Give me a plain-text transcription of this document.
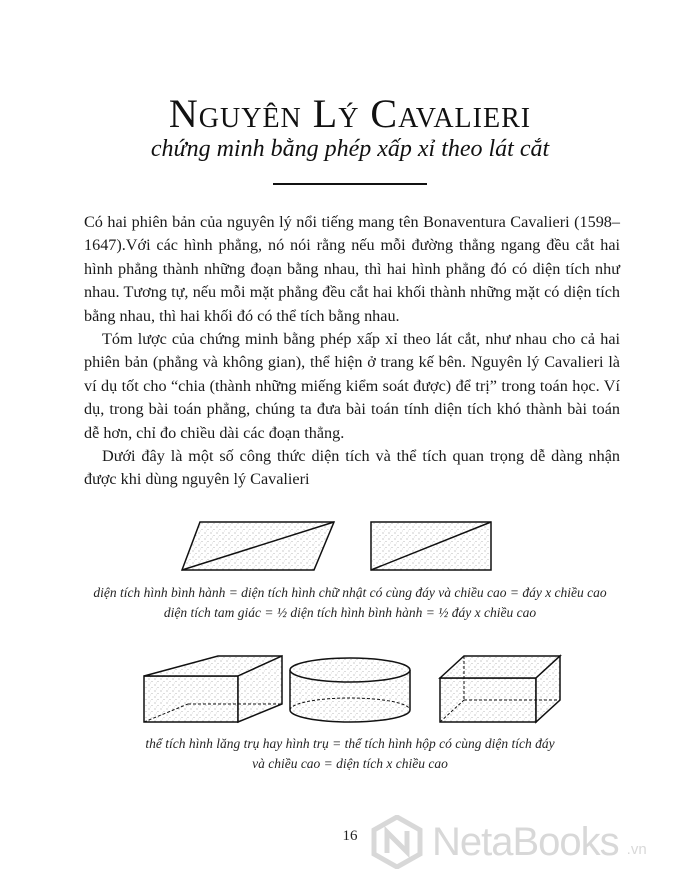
Nguyên Lý Cavalieri
chứng minh bằng phép xấp xỉ theo lát cắt

Có hai phiên bản của nguyên lý nổi tiếng mang tên Bonaventura Cavalieri (1598–1647).Với các hình phẳng, nó nói rằng nếu mỗi đường thẳng ngang đều cắt hai hình phẳng thành những đoạn bằng nhau, thì hai hình phẳng đó có diện tích như nhau. Tương tự, nếu mỗi mặt phẳng đều cắt hai khối thành những mặt có diện tích bằng nhau, thì hai khối đó có thể tích bằng nhau.

Tóm lược của chứng minh bằng phép xấp xỉ theo lát cắt, như nhau cho cả hai phiên bản (phẳng và không gian), thể hiện ở trang kế bên. Nguyên lý Cavalieri là ví dụ tốt cho “chia (thành những miếng kiểm soát được) để trị” trong toán học. Ví dụ, trong bài toán phẳng, chúng ta đưa bài toán tính diện tích khó thành bài toán dễ hơn, chỉ đo chiều dài các đoạn thẳng.

Dưới đây là một số công thức diện tích và thể tích quan trọng dễ dàng nhận được khi dùng nguyên lý Cavalieri

diện tích hình bình hành = diện tích hình chữ nhật có cùng đáy và chiều cao = đáy x chiều cao
diện tích tam giác = ½ diện tích hình bình hành = ½ đáy x chiều cao
thể tích hình lăng trụ hay hình trụ = thể tích hình hộp có cùng diện tích đáy
và chiều cao = diện tích x chiều cao
16	NetaBooks .vn
